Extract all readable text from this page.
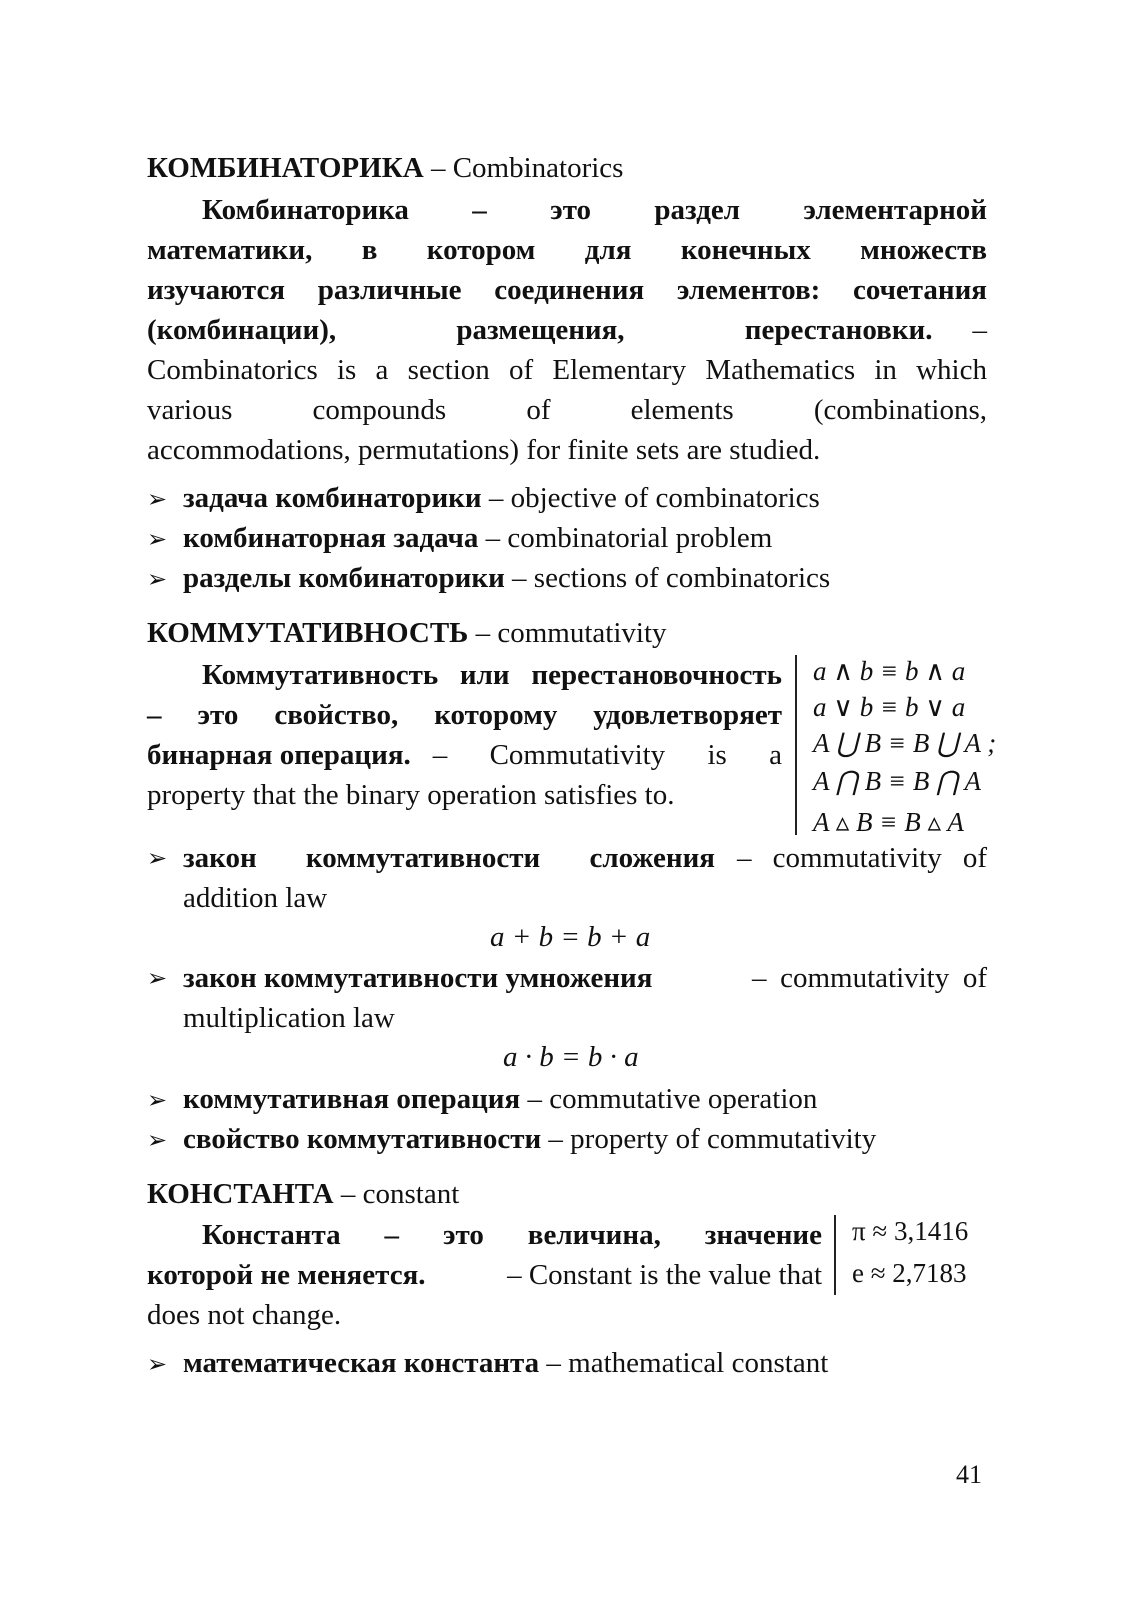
КОМБИНАТОРИКА – Combinatorics
Комбинаторика – это раздел элементарной
математики, в котором для конечных множеств
изучаются различные соединения элементов: сочетания
(комбинации), размещения, перестановки. –
Combinatorics is a section of Elementary Mathematics in which
various compounds of elements (combinations,
accommodations, permutations) for finite sets are studied.
➢ задача комбинаторики – objective of combinatorics
➢ комбинаторная задача – combinatorial problem
➢ разделы комбинаторики – sections of combinatorics
КОММУТАТИВНОСТЬ – commutativity
Коммутативность или перестановочность
– это свойство, которому удовлетворяет
бинарная операция. – Commutativity is a
property that the binary operation satisfies to.
a ∧ b ≡ b ∧ a
a ∨ b ≡ b ∨ a
A ⋃ B ≡ B ⋃ A ;
A ⋂ B ≡ B ⋂ A
A ▵ B ≡ B ▵ A
➢ закон коммутативности сложения – commutativity of
addition law
a + b = b + a
➢ закон коммутативности умножения	– commutativity of
multiplication law
a · b = b · a
➢ коммутативная операция – commutative operation
➢ свойство коммутативности – property of commutativity
КОНСТАНТА – constant
Константа – это величина, значение
которой не меняется.	– Constant is the value that
does not change.
π ≈ 3,1416
e ≈ 2,7183
➢ математическая константа – mathematical constant
41
